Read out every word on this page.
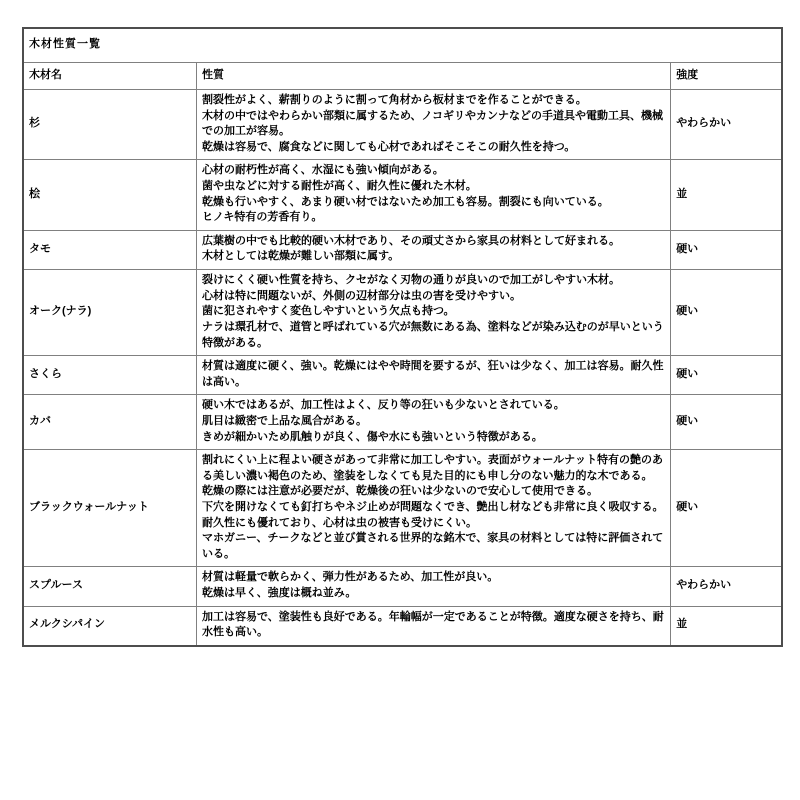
木材性質一覧		
木材名	性質	強度
杉	割裂性がよく、薪割りのように割って角材から板材までを作ることができる。
木材の中ではやわらかい部類に属するため、ノコギリやカンナなどの手道具や電動工具、機械での加工が容易。
乾燥は容易で、腐食などに関しても心材であればそこそこの耐久性を持つ。	やわらかい
桧	心材の耐朽性が高く、水湿にも強い傾向がある。
菌や虫などに対する耐性が高く、耐久性に優れた木材。
乾燥も行いやすく、あまり硬い材ではないため加工も容易。割裂にも向いている。
ヒノキ特有の芳香有り。	並
タモ	広葉樹の中でも比較的硬い木材であり、その頑丈さから家具の材料として好まれる。
木材としては乾燥が難しい部類に属す。	硬い
オーク(ナラ)	裂けにくく硬い性質を持ち、クセがなく刃物の通りが良いので加工がしやすい木材。
心材は特に問題ないが、外側の辺材部分は虫の害を受けやすい。
菌に犯されやすく変色しやすいという欠点も持つ。
ナラは環孔材で、道管と呼ばれている穴が無数にある為、塗料などが染み込むのが早いという特徴がある。	硬い
さくら	材質は適度に硬く、強い。乾燥にはやや時間を要するが、狂いは少なく、加工は容易。耐久性は高い。	硬い
カバ	硬い木ではあるが、加工性はよく、反り等の狂いも少ないとされている。
肌目は緻密で上品な風合がある。
きめが細かいため肌触りが良く、傷や水にも強いという特徴がある。	硬い
ブラックウォールナット	割れにくい上に程よい硬さがあって非常に加工しやすい。表面がウォールナット特有の艶のある美しい濃い褐色のため、塗装をしなくても見た目的にも申し分のない魅力的な木である。
乾燥の際には注意が必要だが、乾燥後の狂いは少ないので安心して使用できる。
下穴を開けなくても釘打ちやネジ止めが問題なくでき、艶出し材なども非常に良く吸収する。耐久性にも優れており、心材は虫の被害も受けにくい。
マホガニー、チークなどと並び賞される世界的な銘木で、家具の材料としては特に評価されている。	硬い
スプルース	材質は軽量で軟らかく、弾力性があるため、加工性が良い。
乾燥は早く、強度は概ね並み。	やわらかい
メルクシパイン	加工は容易で、塗装性も良好である。年輪幅が一定であることが特徴。適度な硬さを持ち、耐水性も高い。	並
